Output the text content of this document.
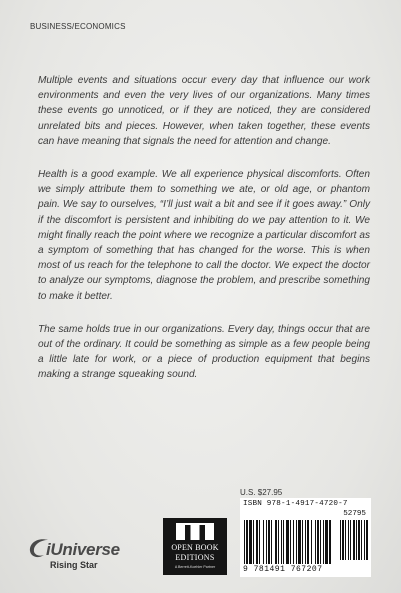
BUSINESS/ECONOMICS

Multiple events and situations occur every day that influence our work environments and even the very lives of our organizations. Many times these events go unnoticed, or if they are noticed, they are considered unrelated bits and pieces. However, when taken together, these events can have meaning that signals the need for attention and change.

Health is a good example. We all experience physical discomforts. Often we simply attribute them to something we ate, or old age, or phantom pain. We say to ourselves, “I’ll just wait a bit and see if it goes away.” Only if the discomfort is persistent and inhibiting do we pay attention to it. We might finally reach the point where we recognize a particular discomfort as a symptom of something that has changed for the worse. This is when most of us reach for the telephone to call the doctor. We expect the doctor to analyze our symptoms, diagnose the problem, and prescribe something to make it better.

The same holds true in our organizations. Every day, things occur that are out of the ordinary. It could be something as simple as a few people being a little late for work, or a piece of production equipment that begins making a strange squeaking sound.

iUniverse
Rising Star
OPEN BOOK
EDITIONS
A Berrett-Koehler Partner
U.S. $27.95
ISBN 978-1-4917-4720-7
52795
9 781491 767207
